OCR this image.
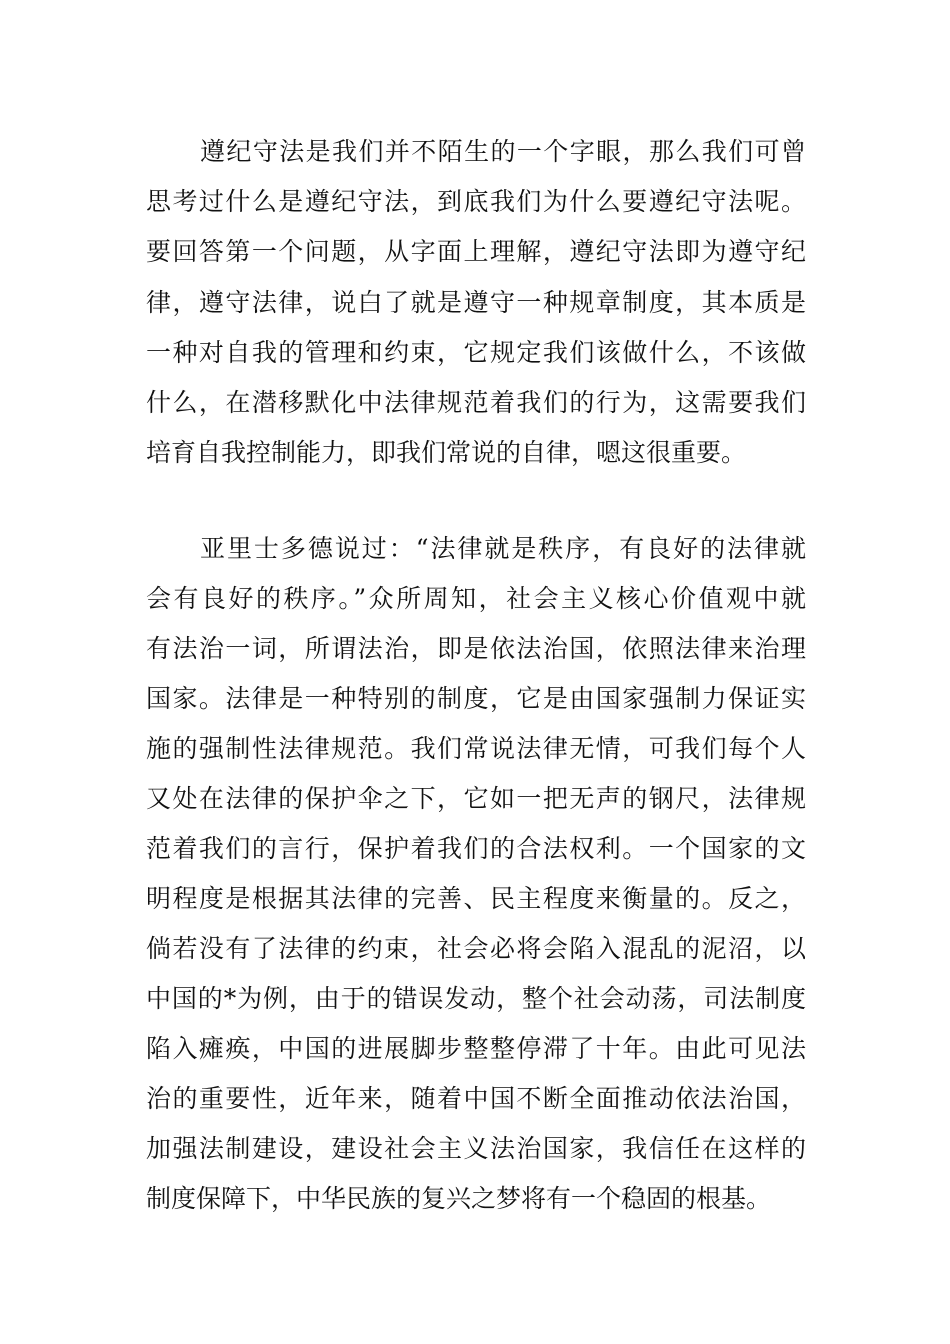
遵纪守法是我们并不陌生的一个字眼，那么我们可曾
思考过什么是遵纪守法，到底我们为什么要遵纪守法呢。
要回答第一个问题，从字面上理解，遵纪守法即为遵守纪
律，遵守法律，说白了就是遵守一种规章制度，其本质是
一种对自我的管理和约束，它规定我们该做什么，不该做
什么，在潜移默化中法律规范着我们的行为，这需要我们
培育自我控制能力，即我们常说的自律，嗯这很重要。
亚里士多德说过：“法律就是秩序，有良好的法律就
会有良好的秩序。”众所周知，社会主义核心价值观中就
有法治一词，所谓法治，即是依法治国，依照法律来治理
国家。法律是一种特别的制度，它是由国家强制力保证实
施的强制性法律规范。我们常说法律无情，可我们每个人
又处在法律的保护伞之下，它如一把无声的钢尺，法律规
范着我们的言行，保护着我们的合法权利。一个国家的文
明程度是根据其法律的完善、民主程度来衡量的。反之，
倘若没有了法律的约束，社会必将会陷入混乱的泥沼，以
中国的*为例，由于的错误发动，整个社会动荡，司法制度
陷入瘫痪，中国的进展脚步整整停滞了十年。由此可见法
治的重要性，近年来，随着中国不断全面推动依法治国，
加强法制建设，建设社会主义法治国家，我信任在这样的
制度保障下，中华民族的复兴之梦将有一个稳固的根基。
